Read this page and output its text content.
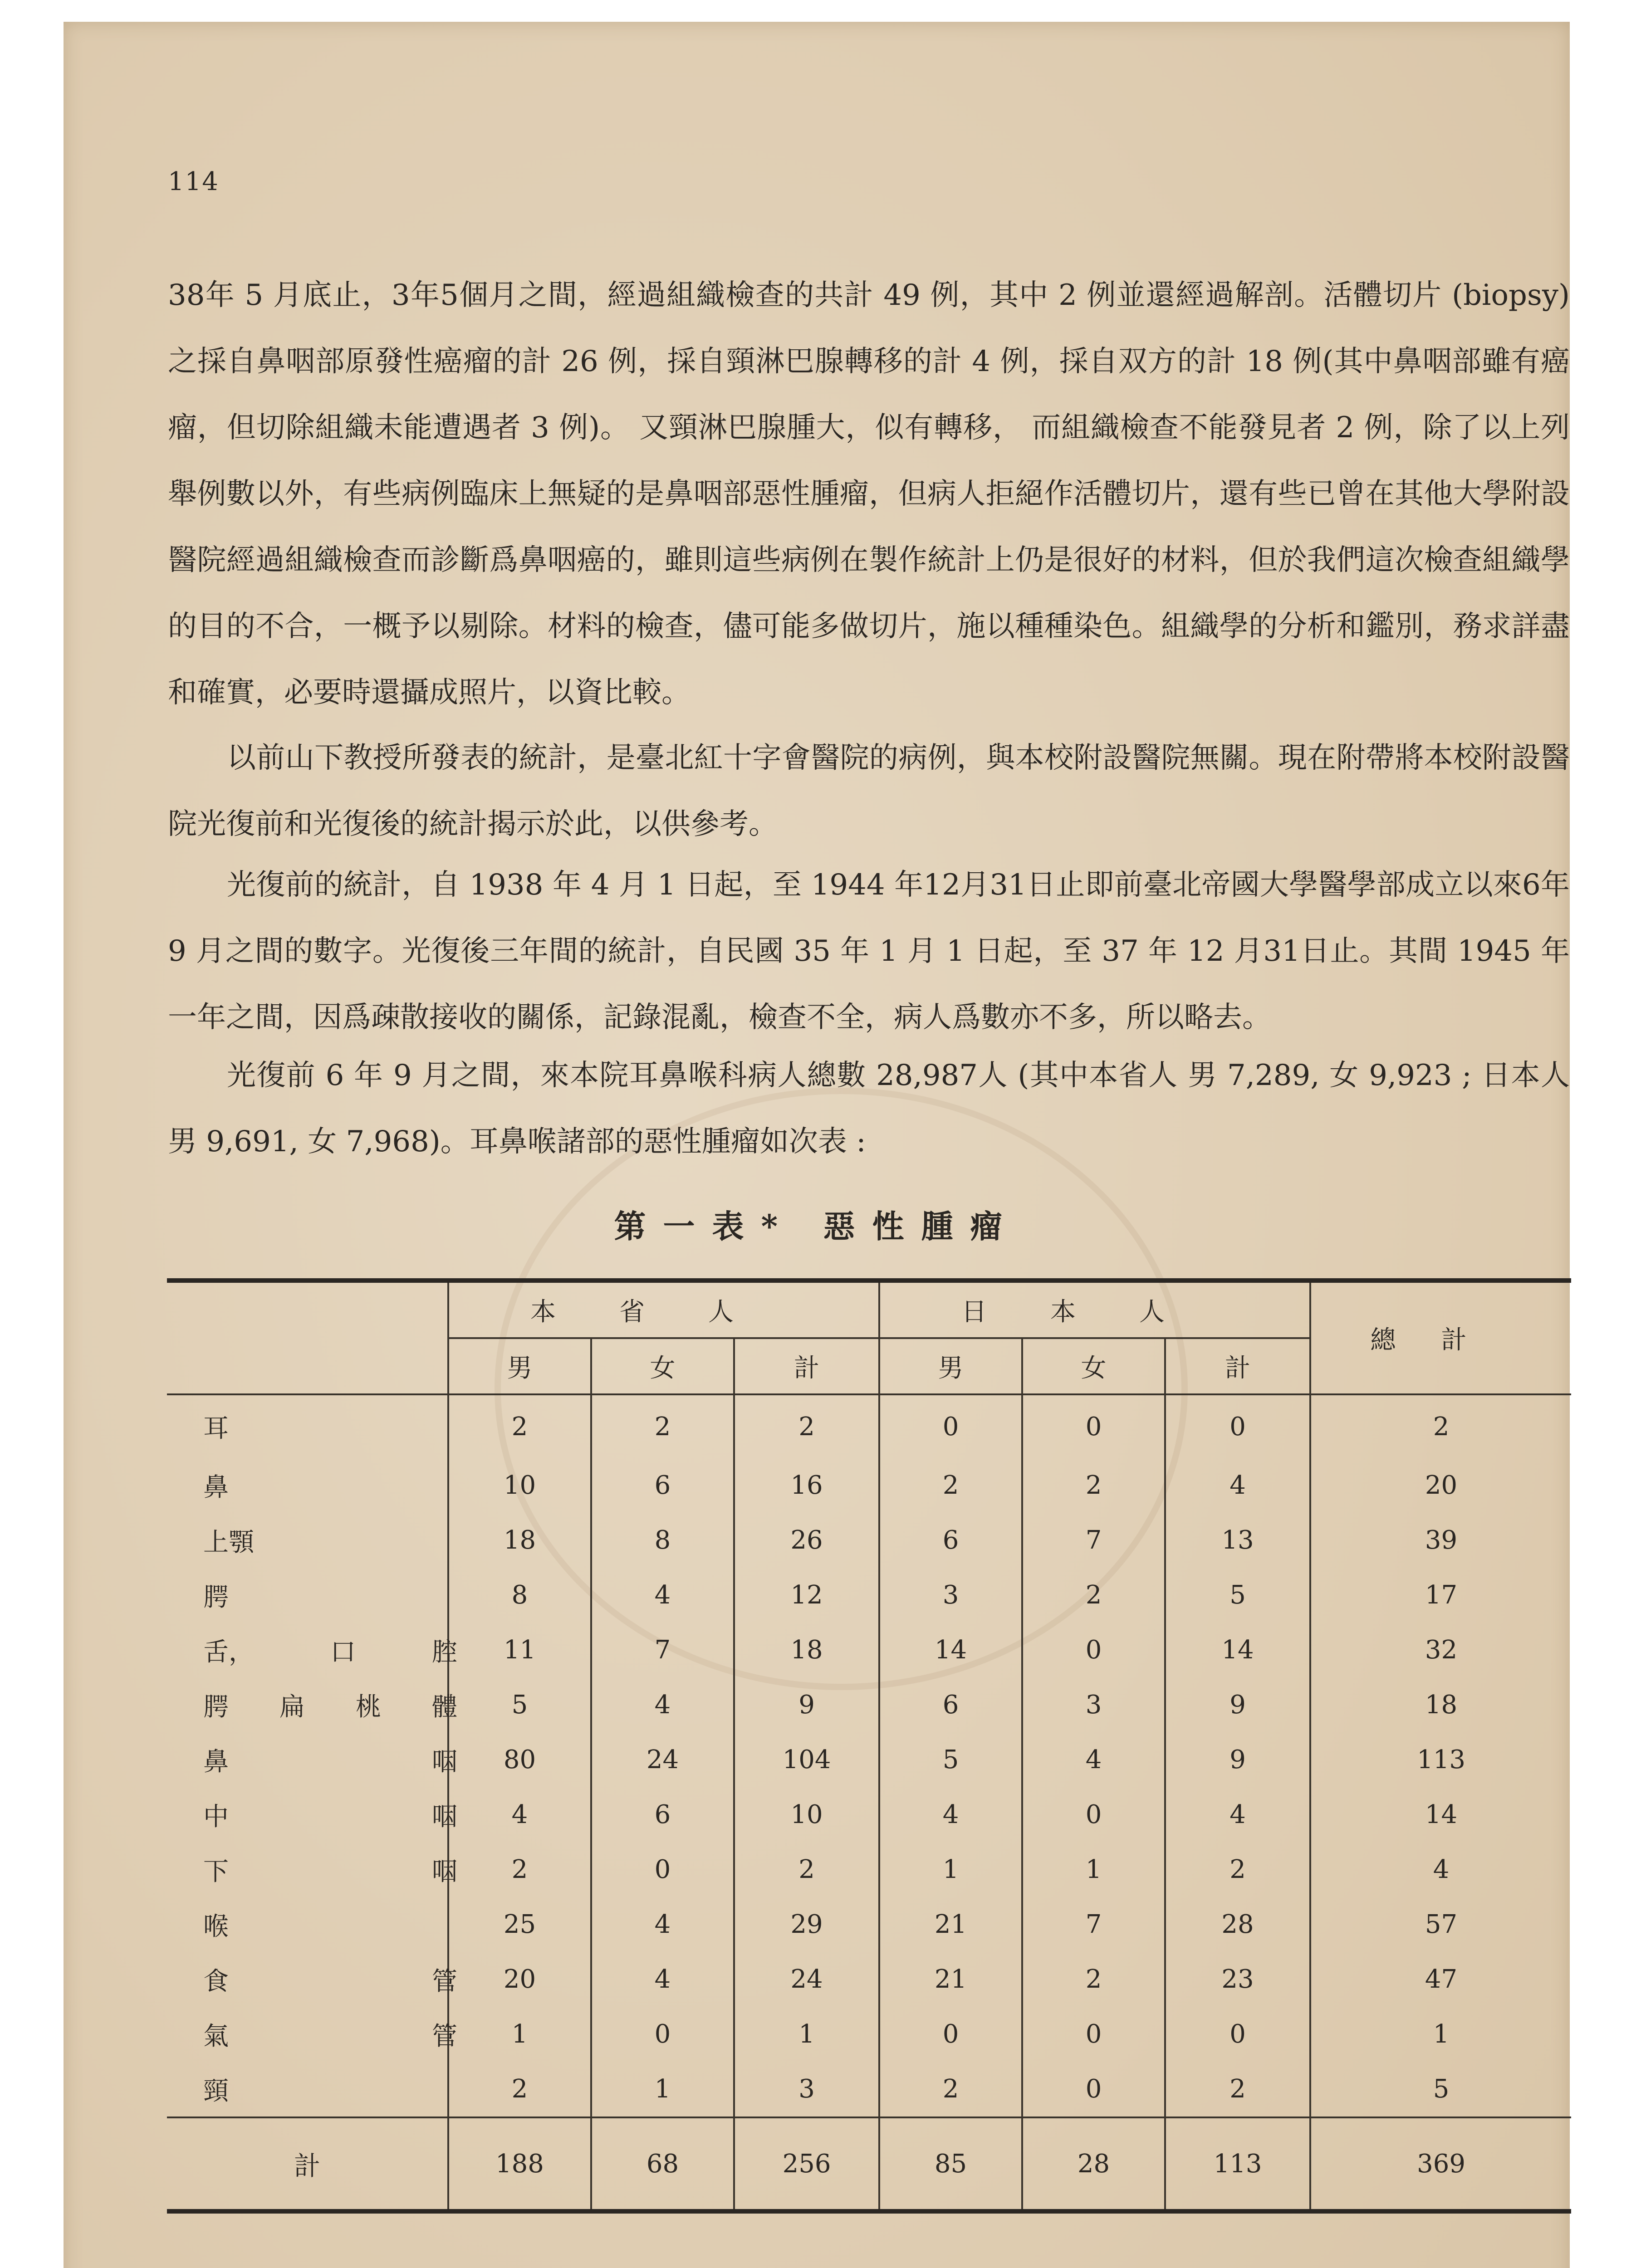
114

38年 5 月底止，3年5個月之間，經過組織檢查的共計 49 例，其中 2 例並還經過解剖。活體切片 (biopsy)之採自鼻咽部原發性癌瘤的計 26 例，採自頸淋巴腺轉移的計 4 例，採自双方的計 18 例(其中鼻咽部雖有癌瘤，但切除組織未能遭遇者 3 例)。 又頸淋巴腺腫大，似有轉移， 而組織檢查不能發見者 2 例，除了以上列舉例數以外，有些病例臨床上無疑的是鼻咽部惡性腫瘤，但病人拒絕作活體切片，還有些已曾在其他大學附設醫院經過組織檢查而診斷爲鼻咽癌的，雖則這些病例在製作統計上仍是很好的材料，但於我們這次檢查組織學的目的不合，一概予以剔除。材料的檢查，儘可能多做切片，施以種種染色。組織學的分析和鑑別，務求詳盡和確實，必要時還攝成照片，以資比較。

以前山下教授所發表的統計，是臺北紅十字會醫院的病例，與本校附設醫院無關。現在附帶將本校附設醫院光復前和光復後的統計揭示於此，以供參考。

光復前的統計，自 1938 年 4 月 1 日起，至 1944 年12月31日止即前臺北帝國大學醫學部成立以來6年 9 月之間的數字。光復後三年間的統計，自民國 35 年 1 月 1 日起，至 37 年 12 月31日止。其間 1945 年一年之間，因爲疎散接收的關係，記錄混亂，檢查不全，病人爲數亦不多，所以略去。

光復前 6 年 9 月之間，來本院耳鼻喉科病人總數 28,987人 (其中本省人 男 7,289, 女 9,923 ; 日本人 男 9,691, 女 7,968)。耳鼻喉諸部的惡性腫瘤如次表 :

第一表* 惡性腫瘤
	本省人			日本人			總計
	男	女	計	男	女	計	

耳	2	2	2	0	0	0	2

鼻	10	6	16	2	2	4	20

上顎	18	8	26	6	7	13	39

腭	8	4	12	3	2	5	17

舌， 口 腔	11	7	18	14	0	14	32

腭 扁 桃 體	5	4	9	6	3	9	18

鼻 咽	80	24	104	5	4	9	113

中 咽	4	6	10	4	0	4	14

下 咽	2	0	2	1	1	2	4

喉	25	4	29	21	7	28	57

食 管	20	4	24	21	2	23	47

氣 管	1	0	1	0	0	0	1

頸	2	1	3	2	0	2	5
計	188	68	256	85	28	113	369
